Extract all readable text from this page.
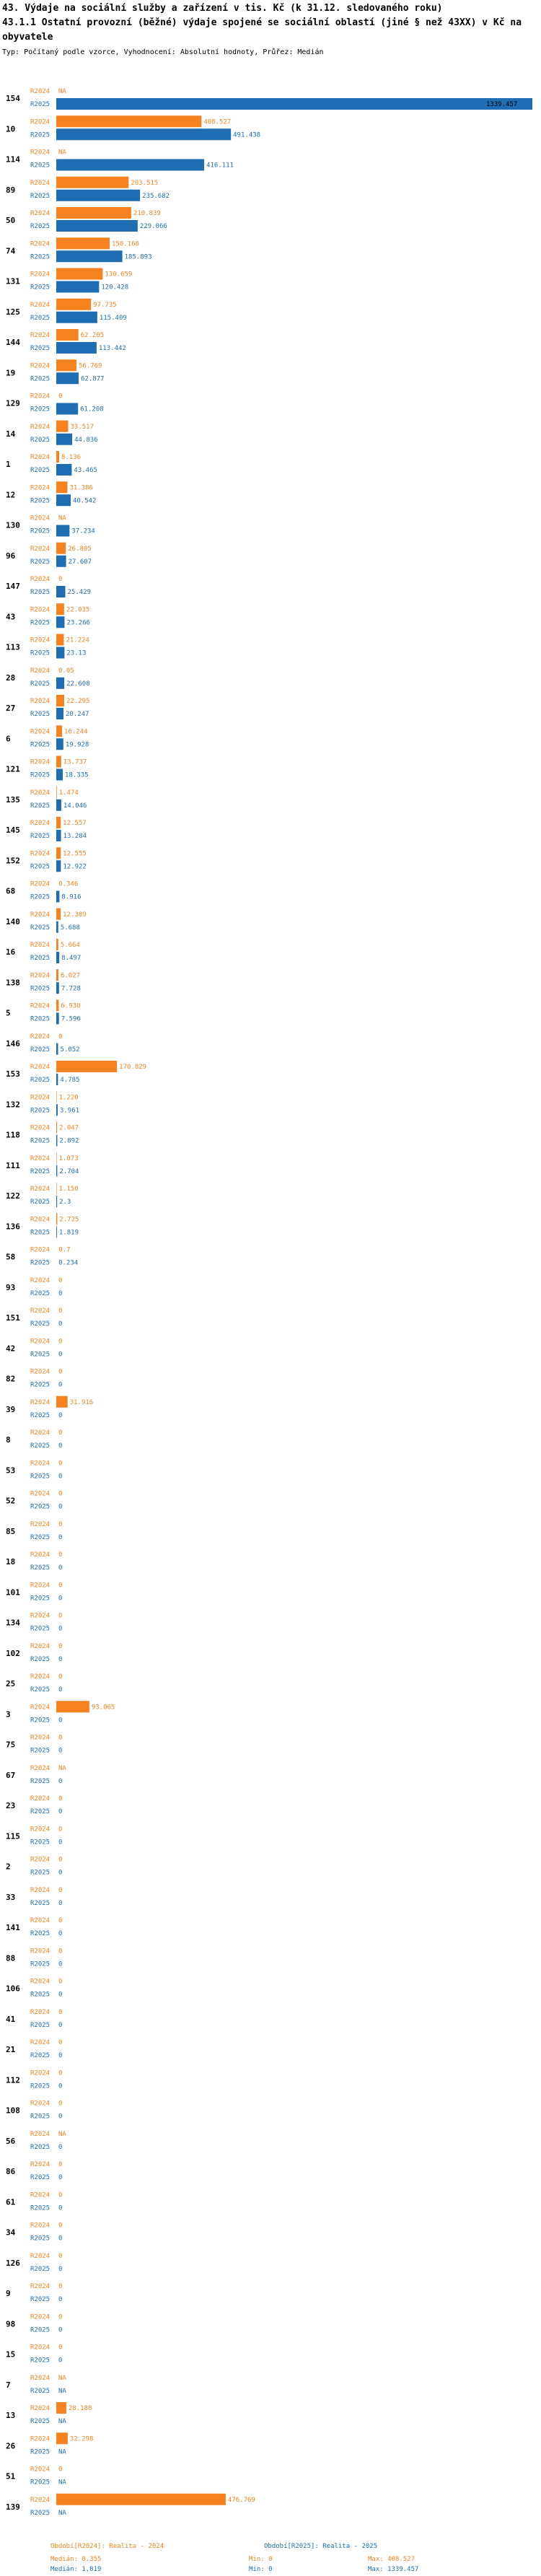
43. Výdaje na sociální služby a zařízení v tis. Kč (k 31.12. sledovaného roku)
43.1.1 Ostatní provozní (běžné) výdaje spojené se sociální oblastí (jiné § než 43XX) v Kč na obyvatele
Typ: Počítaný podle vzorce, Vyhodnocení: Absolutní hodnoty, Průřez: Medián
154
R2024 NA
R2025	1339.457
10
R2024	408.527
R2025	491.438
114
R2024 NA
R2025	416.111
89
R2024	203.515
R2025	235.682
50
R2024	210.839
R2025	229.066
74
R2024	150.168
R2025	185.893
131
R2024	130.659
R2025	120.428
125
R2024	97.735
R2025	115.409
144
R2024	62.205
R2025	113.442
19
R2024	56.769
R2025	62.877
129
R2024 0
R2025	61.208
14
R2024	33.517
R2025	44.836
1
R2024 8.136
R2025	43.465
12
R2024	31.386
R2025	40.542
130
R2024 NA
R2025	37.234
96
R2024	26.805
R2025	27.607
147
R2024 0
R2025	25.429
43
R2024	22.035
R2025	23.266
113
R2024 21.224
R2025	23.13
28
R2024 0.05
R2025	22.608
27
R2024	22.295
R2025 20.247
6
R2024 16.244
R2025 19.928
121
R2024 13.737
R2025 18.335
135
R2024 1.474
R2025 14.046
145
R2024 12.557
R2025 13.284
152
R2024 12.555
R2025 12.922
68
R2024 0.346
R2025 8.916
140
R2024 12.389
R2025 5.688
16
R2024 5.664
R2025 8.497
138
R2024 6.027
R2025 7.728
5
R2024 6.930
R2025 7.596
146
R2024 0
R2025 5.052
153
R2024	170.829
R2025 4.785
132
R2024 1.220
R2025 3.961
118
R2024 2.047
R2025 2.892
111
R2024 1.073
R2025 2.704
122
R2024 1.150
R2025 2.3
136
R2024 2.725
R2025 1.819
58
R2024 0.7
R2025 0.234
93
R2024 0
R2025 0
151
R2024 0
R2025 0
42
R2024 0
R2025 0
82
R2024 0
R2025 0
39
R2024	31.916
R2025 0
8
R2024 0
R2025 0
53
R2024 0
R2025 0
52
R2024 0
R2025 0
85
R2024 0
R2025 0
18
R2024 0
R2025 0
101
R2024 0
R2025 0
134
R2024 0
R2025 0
102
R2024 0
R2025 0
25
R2024 0
R2025 0
3
R2024	93.065
R2025 0
75
R2024 0
R2025 0
67
R2024 NA
R2025 0
23
R2024 0
R2025 0
115
R2024 0
R2025 0
2
R2024 0
R2025 0
33
R2024 0
R2025 0
141
R2024 0
R2025 0
88
R2024 0
R2025 0
106
R2024 0
R2025 0
41
R2024 0
R2025 0
21
R2024 0
R2025 0
112
R2024 0
R2025 0
108
R2024 0
R2025 0
56
R2024 NA
R2025 0
86
R2024 0
R2025 0
61
R2024 0
R2025 0
34
R2024 0
R2025 0
126
R2024 0
R2025 0
9
R2024 0
R2025 0
98
R2024 0
R2025 0
15
R2024 0
R2025 0
7
R2024 NA
R2025 NA
13
R2024	28.188
R2025 NA
26
R2024	32.298
R2025 NA
51
R2024 0
R2025 NA
139
R2024	476.769
R2025 NA
Období[R2024]: Realita - 2024	Období[R2025]: Realita - 2025
Medián: 0.355	Min: 0	Max: 408.527
Medián: 1.819	Min: 0	Max: 1339.457
